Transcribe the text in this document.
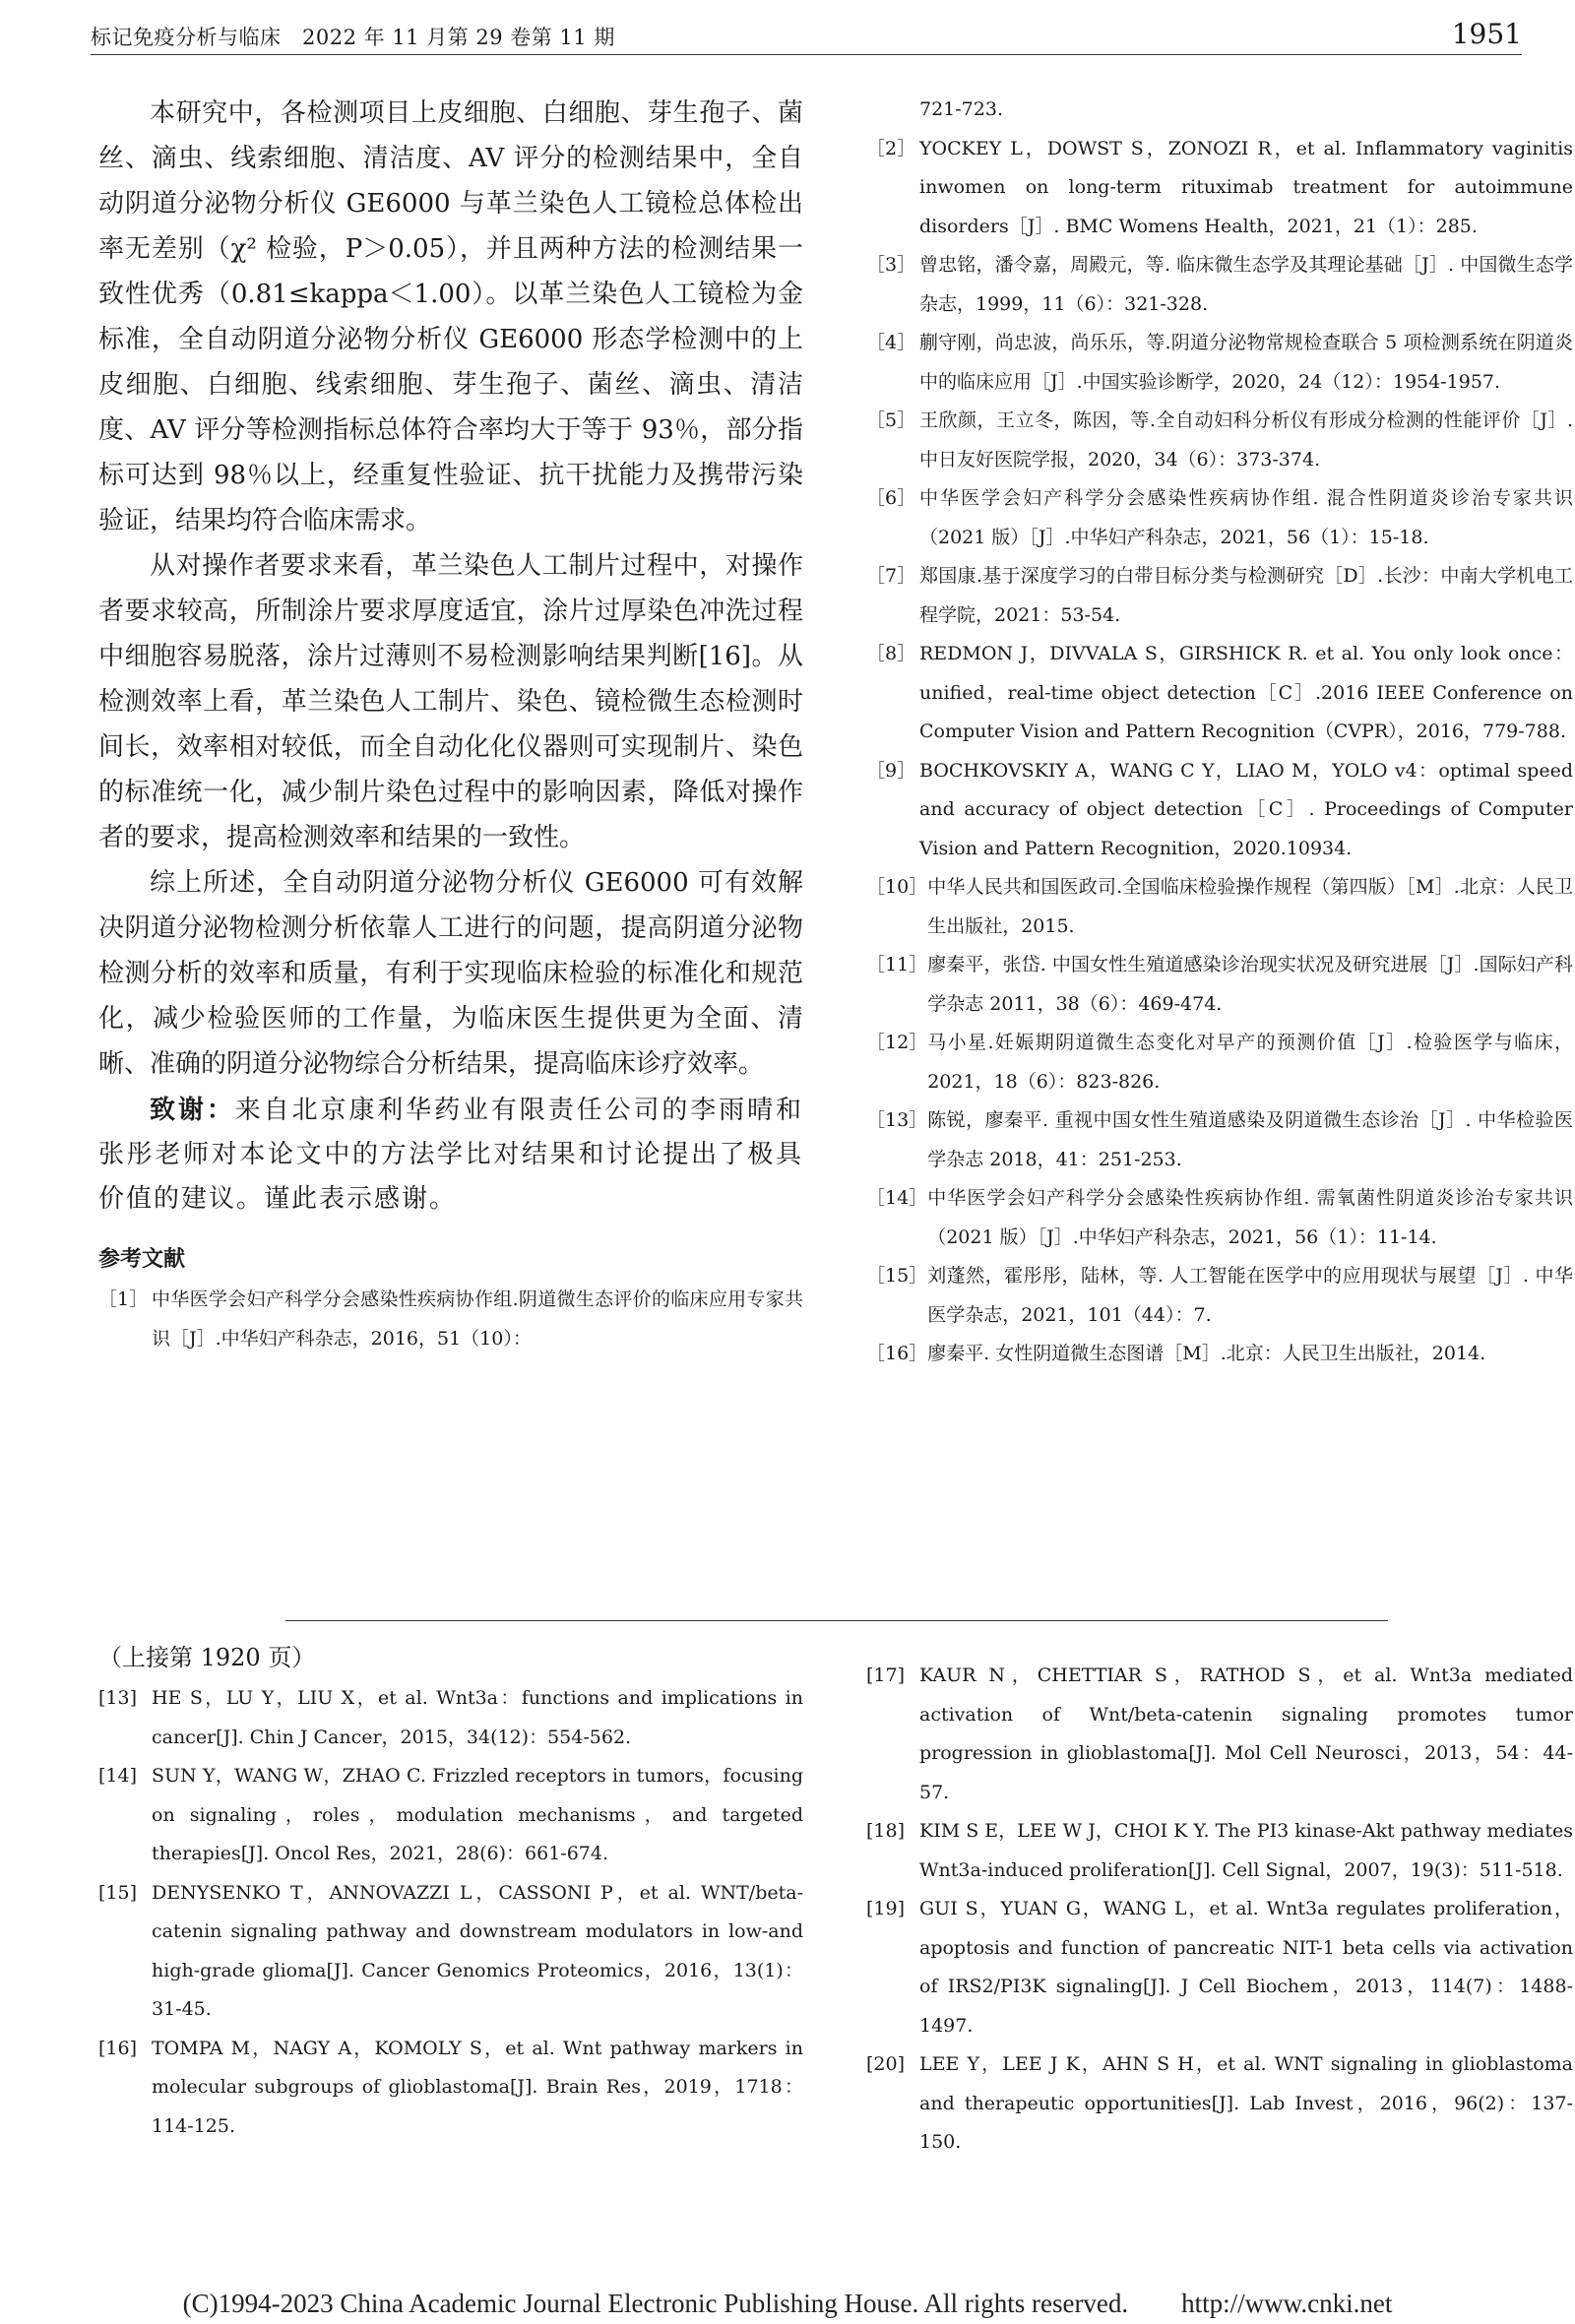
标记免疫分析与临床　2022 年 11 月第 29 卷第 11 期	1951

本研究中，各检测项目上皮细胞、白细胞、芽生孢子、菌丝、滴虫、线索细胞、清洁度、AV 评分的检测结果中，全自动阴道分泌物分析仪 GE6000 与革兰染色人工镜检总体检出率无差别（χ² 检验，P＞0.05），并且两种方法的检测结果一致性优秀（0.81≤kappa＜1.00）。以革兰染色人工镜检为金标准，全自动阴道分泌物分析仪 GE6000 形态学检测中的上皮细胞、白细胞、线索细胞、芽生孢子、菌丝、滴虫、清洁度、AV 评分等检测指标总体符合率均大于等于 93％，部分指标可达到 98％以上，经重复性验证、抗干扰能力及携带污染验证，结果均符合临床需求。

从对操作者要求来看，革兰染色人工制片过程中，对操作者要求较高，所制涂片要求厚度适宜，涂片过厚染色冲洗过程中细胞容易脱落，涂片过薄则不易检测影响结果判断[16]。从检测效率上看，革兰染色人工制片、染色、镜检微生态检测时间长，效率相对较低，而全自动化化仪器则可实现制片、染色的标准统一化，减少制片染色过程中的影响因素，降低对操作者的要求，提高检测效率和结果的一致性。

综上所述，全自动阴道分泌物分析仪 GE6000 可有效解决阴道分泌物检测分析依靠人工进行的问题，提高阴道分泌物检测分析的效率和质量，有利于实现临床检验的标准化和规范化，减少检验医师的工作量，为临床医生提供更为全面、清晰、准确的阴道分泌物综合分析结果，提高临床诊疗效率。

致谢：来自北京康利华药业有限责任公司的李雨晴和张彤老师对本论文中的方法学比对结果和讨论提出了极具价值的建议。谨此表示感谢。

参考文献
［1］ 中华医学会妇产科学分会感染性疾病协作组.阴道微生态评价的临床应用专家共识［J］.中华妇产科杂志，2016，51（10）：

721-723.

［2］ YOCKEY L，DOWST S，ZONOZI R，et al. Inflammatory vaginitis inwomen on long-term rituximab treatment for autoimmune disorders［J］. BMC Womens Health，2021，21（1）：285.
［3］ 曾忠铭，潘令嘉，周殿元，等. 临床微生态学及其理论基础［J］. 中国微生态学杂志，1999，11（6）：321-328.
［4］ 蒯守刚，尚忠波，尚乐乐，等.阴道分泌物常规检查联合 5 项检测系统在阴道炎中的临床应用［J］.中国实验诊断学，2020，24（12）：1954-1957.
［5］ 王欣颜，王立冬，陈因，等.全自动妇科分析仪有形成分检测的性能评价［J］.中日友好医院学报，2020，34（6）：373-374.
［6］ 中华医学会妇产科学分会感染性疾病协作组. 混合性阴道炎诊治专家共识（2021 版）［J］.中华妇产科杂志，2021，56（1）：15-18.
［7］ 郑国康.基于深度学习的白带目标分类与检测研究［D］.长沙：中南大学机电工程学院，2021：53-54.
［8］ REDMON J，DIVVALA S，GIRSHICK R. et al. You only look once：unified，real-time object detection［C］.2016 IEEE Conference on Computer Vision and Pattern Recognition（CVPR），2016，779-788.
［9］ BOCHKOVSKIY A，WANG C Y，LIAO M，YOLO v4：optimal speed and accuracy of object detection［C］. Proceedings of Computer Vision and Pattern Recognition，2020.10934.
［10］ 中华人民共和国医政司.全国临床检验操作规程（第四版）［M］.北京：人民卫生出版社，2015.
［11］ 廖秦平，张岱. 中国女性生殖道感染诊治现实状况及研究进展［J］.国际妇产科学杂志 2011，38（6）：469-474.
［12］ 马小星.妊娠期阴道微生态变化对早产的预测价值［J］.检验医学与临床，2021，18（6）：823-826.
［13］ 陈锐，廖秦平. 重视中国女性生殖道感染及阴道微生态诊治［J］. 中华检验医学杂志 2018，41：251-253.
［14］ 中华医学会妇产科学分会感染性疾病协作组. 需氧菌性阴道炎诊治专家共识（2021 版）［J］.中华妇产科杂志，2021，56（1）：11-14.
［15］ 刘蓬然，霍彤彤，陆林，等. 人工智能在医学中的应用现状与展望［J］. 中华医学杂志，2021，101（44）：7.
［16］ 廖秦平. 女性阴道微生态图谱［M］.北京：人民卫生出版社，2014.
（上接第 1920 页）
[13] HE S，LU Y，LIU X，et al. Wnt3a：functions and implications in cancer[J]. Chin J Cancer，2015，34(12)：554-562.
[14] SUN Y，WANG W，ZHAO C. Frizzled receptors in tumors，focusing on signaling，roles，modulation mechanisms，and targeted therapies[J]. Oncol Res，2021，28(6)：661-674.
[15] DENYSENKO T，ANNOVAZZI L，CASSONI P，et al. WNT/beta-catenin signaling pathway and downstream modulators in low-and high-grade glioma[J]. Cancer Genomics Proteomics，2016，13(1)：31-45.
[16] TOMPA M，NAGY A，KOMOLY S，et al. Wnt pathway markers in molecular subgroups of glioblastoma[J]. Brain Res，2019，1718：114-125.
[17] KAUR N，CHETTIAR S，RATHOD S，et al. Wnt3a mediated activation of Wnt/beta-catenin signaling promotes tumor progression in glioblastoma[J]. Mol Cell Neurosci，2013，54：44-57.
[18] KIM S E，LEE W J，CHOI K Y. The PI3 kinase-Akt pathway mediates Wnt3a-induced proliferation[J]. Cell Signal，2007，19(3)：511-518.
[19] GUI S，YUAN G，WANG L，et al. Wnt3a regulates proliferation，apoptosis and function of pancreatic NIT-1 beta cells via activation of IRS2/PI3K signaling[J]. J Cell Biochem，2013，114(7)：1488-1497.
[20] LEE Y，LEE J K，AHN S H，et al. WNT signaling in glioblastoma and therapeutic opportunities[J]. Lab Invest，2016，96(2)：137-150.
(C)1994-2023 China Academic Journal Electronic Publishing House. All rights reserved.　　http://www.cnki.net
